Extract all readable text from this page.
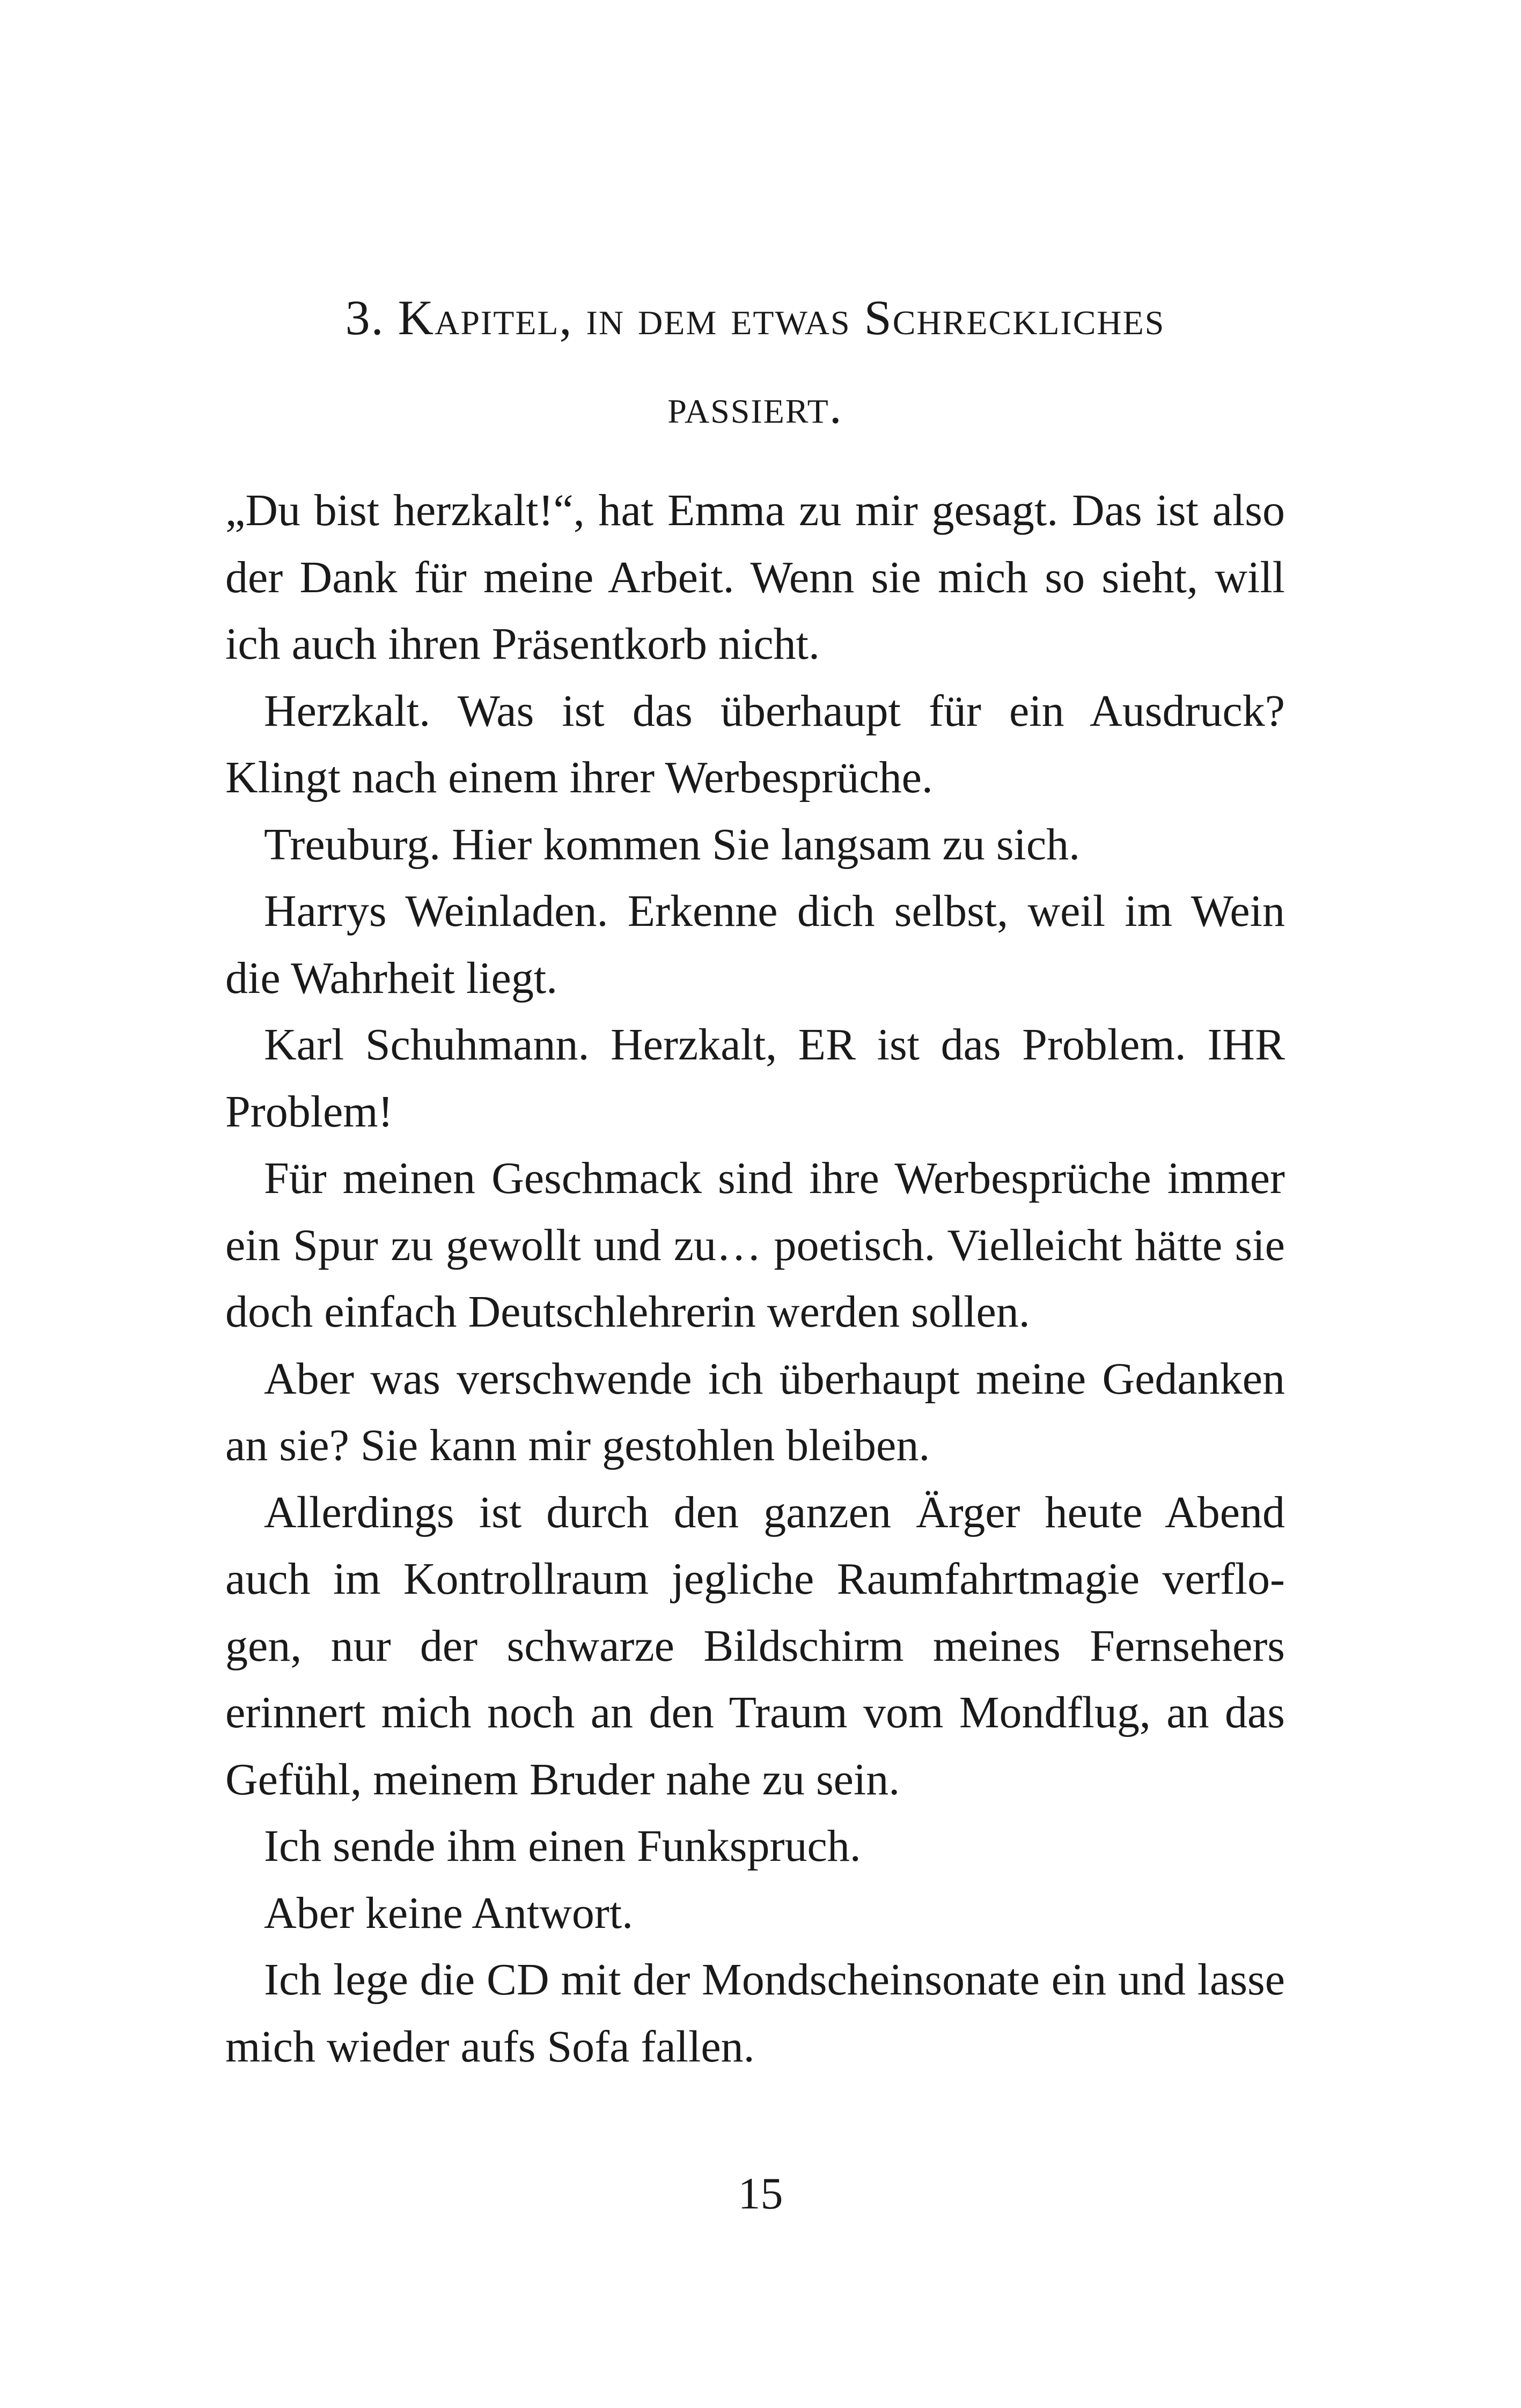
3. Kapitel, in dem etwas Schreckliches
passiert.

„Du bist herzkalt!“, hat Emma zu mir gesagt. Das ist also der Dank für meine Arbeit. Wenn sie mich so sieht, will ich auch ihren Präsentkorb nicht.

Herzkalt. Was ist das überhaupt für ein Ausdruck? Klingt nach einem ihrer Werbesprüche.

Treuburg. Hier kommen Sie langsam zu sich.

Harrys Weinladen. Erkenne dich selbst, weil im Wein die Wahrheit liegt.

Karl Schuhmann. Herzkalt, ER ist das Problem. IHR Problem!

Für meinen Geschmack sind ihre Werbesprüche immer ein Spur zu gewollt und zu… poetisch. Vielleicht hätte sie doch einfach Deutschlehrerin werden sollen.

Aber was verschwende ich überhaupt meine Gedanken an sie? Sie kann mir gestohlen bleiben.

Allerdings ist durch den ganzen Ärger heute Abend auch im Kontrollraum jegliche Raumfahrtmagie verflogen, nur der schwarze Bildschirm meines Fernsehers erinnert mich noch an den Traum vom Mondflug, an das Gefühl, meinem Bruder nahe zu sein.

Ich sende ihm einen Funkspruch.

Aber keine Antwort.

Ich lege die CD mit der Mondscheinsonate ein und lasse mich wieder aufs Sofa fallen.

15
